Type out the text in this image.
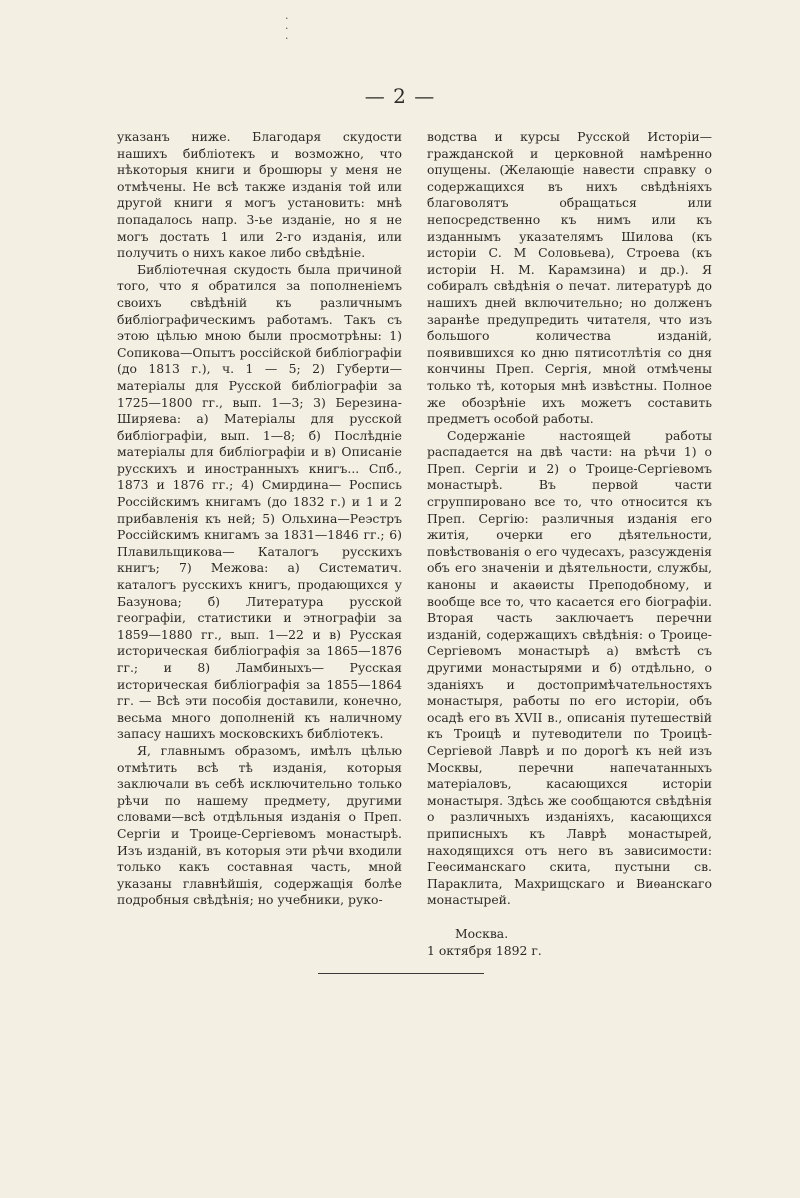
·
·
·
— 2 —

указанъ ниже. Благодаря скудости нашихъ библіотекъ и возможно, что нѣкоторыя книги и брошюры у меня не отмѣчены. Не всѣ также изданія той или другой книги я могъ установить: мнѣ попадалось напр. 3-ье изданіе, но я не могъ достать 1 или 2-го изданія, или получить о нихъ какое либо свѣдѣніе.

Библіотечная скудость была причиной того, что я обратился за пополненіемъ своихъ свѣдѣній къ различнымъ библіографическимъ работамъ. Такъ съ этою цѣлью мною были просмотрѣны: 1) Сопикова—Опытъ россійской библіографіи (до 1813 г.), ч. 1 — 5; 2) Губерти— матеріалы для Русской библіографіи за 1725—1800 гг., вып. 1—3; 3) Березина-Ширяева: а) Матеріалы для русской библіографіи, вып. 1—8; б) Послѣдніе матеріалы для библіографіи и в) Описаніе русскихъ и иностранныхъ книгъ... Спб., 1873 и 1876 гг.; 4) Смирдина— Роспись Россійскимъ книгамъ (до 1832 г.) и 1 и 2 прибавленія къ ней; 5) Ольхина—Реэстръ Россійскимъ книгамъ за 1831—1846 гг.; 6) Плавильщикова— Каталогъ русскихъ книгъ; 7) Межова: а) Систематич. каталогъ русскихъ книгъ, продающихся у Базунова; б) Литература русской географіи, статистики и этнографіи за 1859—1880 гг., вып. 1—22 и в) Русская историческая библіографія за 1865—1876 гг.; и 8) Ламбиныхъ— Русская историческая библіографія за 1855—1864 гг. — Всѣ эти пособія доставили, конечно, весьма много дополненій къ наличному запасу нашихъ московскихъ библіотекъ.

Я, главнымъ образомъ, имѣлъ цѣлью отмѣтить всѣ тѣ изданія, которыя заключали въ себѣ исключительно только рѣчи по нашему предмету, другими словами—всѣ отдѣльныя изданія о Преп. Сергіи и Троице-Сергіевомъ монастырѣ. Изъ изданій, въ которыя эти рѣчи входили только какъ составная часть, мной указаны главнѣйшія, содержащія болѣе подробныя свѣдѣнія; но учебники, руко-

водства и курсы Русской Исторіи—гражданской и церковной намѣренно опущены. (Желающіе навести справку о содержащихся въ нихъ свѣдѣніяхъ благоволятъ обращаться или непосредственно къ нимъ или къ изданнымъ указателямъ Шилова (къ исторіи С. М Соловьева), Строева (къ исторіи Н. М. Карамзина) и др.). Я собиралъ свѣдѣнія о печат. литературѣ до нашихъ дней включительно; но долженъ заранѣе предупредить читателя, что изъ большого количества изданій, появившихся ко дню пятисотлѣтія со дня кончины Преп. Сергія, мной отмѣчены только тѣ, которыя мнѣ извѣстны. Полное же обозрѣніе ихъ можетъ составить предметъ особой работы.

Содержаніе настоящей работы распадается на двѣ части: на рѣчи 1) о Преп. Сергіи и 2) о Троице-Сергіевомъ монастырѣ. Въ первой части сгруппировано все то, что относится къ Преп. Сергію: различныя изданія его житія, очерки его дѣятельности, повѣствованія о его чудесахъ, разсужденія объ его значеніи и дѣятельности, службы, каноны и акаѳисты Преподобному, и вообще все то, что касается его біографіи. Вторая часть заключаетъ перечни изданій, содержащихъ свѣдѣнія: о Троице-Сергіевомъ монастырѣ а) вмѣстѣ съ другими монастырями и б) отдѣльно, о зданіяхъ и достопримѣчательностяхъ монастыря, работы по его исторіи, объ осадѣ его въ XVII в., описанія путешествій къ Троицѣ и путеводители по Троицѣ-Сергіевой Лаврѣ и по дорогѣ къ ней изъ Москвы, перечни напечатанныхъ матеріаловъ, касающихся исторіи монастыря. Здѣсь же сообщаются свѣдѣнія о различныхъ изданіяхъ, касающихся приписныхъ къ Лаврѣ монастырей, находящихся отъ него въ зависимости: Геѳсиманскаго скита, пустыни св. Параклита, Махрищскаго и Виѳанскаго монастырей.

Москва.
1 октября 1892 г.
